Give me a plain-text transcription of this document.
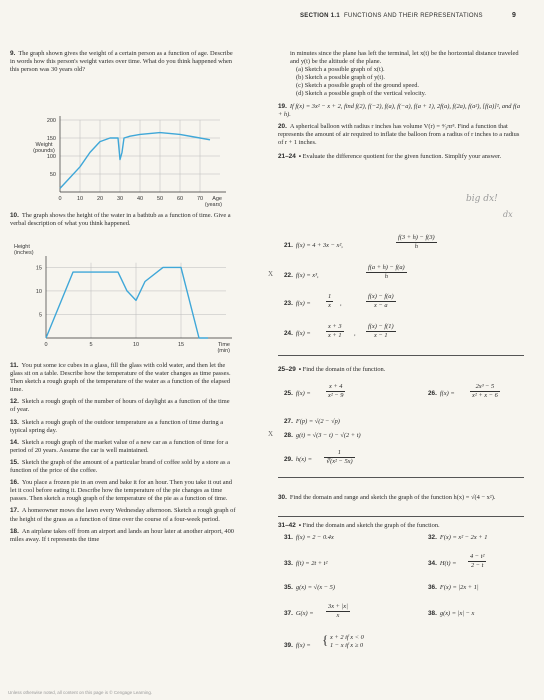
SECTION 1.1 FUNCTIONS AND THEIR REPRESENTATIONS	9

9. The graph shown gives the weight of a certain person as a function of age. Describe in words how this person's weight varies over time. What do you think happened when this person was 30 years old?

200
150
100
50
0	10	20	30	40	50	60	70
Weight
(pounds)
Age
(years)

10. The graph shows the height of the water in a bathtub as a function of time. Give a verbal description of what you think happened.

15
10
5
0	5	10	15
Height
(inches)
Time
(min)

11. You put some ice cubes in a glass, fill the glass with cold water, and then let the glass sit on a table. Describe how the temperature of the water changes as time passes. Then sketch a rough graph of the temperature of the water as a function of the elapsed time.

12. Sketch a rough graph of the number of hours of daylight as a function of the time of year.

13. Sketch a rough graph of the outdoor temperature as a function of time during a typical spring day.

14. Sketch a rough graph of the market value of a new car as a function of time for a period of 20 years. Assume the car is well maintained.

15. Sketch the graph of the amount of a particular brand of coffee sold by a store as a function of the price of the coffee.

16. You place a frozen pie in an oven and bake it for an hour. Then you take it out and let it cool before eating it. Describe how the temperature of the pie changes as time passes. Then sketch a rough graph of the temperature of the pie as a function of time.

17. A homeowner mows the lawn every Wednesday afternoon. Sketch a rough graph of the height of the grass as a function of time over the course of a four-week period.

18. An airplane takes off from an airport and lands an hour later at another airport, 400 miles away. If t represents the time

in minutes since the plane has left the terminal, let x(t) be the horizontal distance traveled and y(t) be the altitude of the plane.

(a) Sketch a possible graph of x(t).

(b) Sketch a possible graph of y(t).

(c) Sketch a possible graph of the ground speed.

(d) Sketch a possible graph of the vertical velocity.

19. If f(x) = 3x² − x + 2, find f(2), f(−2), f(a), f(−a), f(a + 1), 2f(a), f(2a), f(a²), [f(a)]², and f(a + h).

20. A spherical balloon with radius r inches has volume V(r) = ⁴⁄₃πr³. Find a function that represents the amount of air required to inflate the balloon from a radius of r inches to a radius of r + 1 inches.

21–24 ▪ Evaluate the difference quotient for the given function. Simplify your answer.

big dx!
dx
21. f(x) = 4 + 3x − x²,	$\frac{f(3 + h) - f(3)}{h}$
X 22. f(x) = x³,	$\frac{f(a + h) - f(a)}{h}$
23. $f(x) = \frac{1}{x}$ ,	$\frac{f(x) - f(a)}{x - a}$
24. $f(x) = \frac{x + 3}{x + 1}$ , $\frac{f(x) - f(1)}{x - 1}$

25–29 ▪ Find the domain of the function.

25. $f(x) = \frac{x + 4}{\text{x² − 9}}$	26. $f(x) = \frac{\text{2x³ − 5}}{\text{x² + x − 6}}$
27. F(p) = √(2 − √p)
X 28. g(t) = √(3 − t) − √(2 + t)
29. $h(x) = \frac{1}{\text{∜(x² − 5x)}}$

30. Find the domain and range and sketch the graph of the function h(x) = √(4 − x²).

31–42 ▪ Find the domain and sketch the graph of the function.

31. f(x) = 2 − 0.4x	32. F(x) = x² − 2x + 1
33. f(t) = 2t + t²	34. $H(t) = \frac{\text{4 − t²}}{2 - t}$
35. g(x) = √(x − 5)	36. F(x) = |2x + 1|
37. $G(x) = \frac{3x + |x|}{x}$	38. g(x) = |x| − x
39. f(x) = { x + 2 if x < 0
1 − x if x ≥ 0
Unless otherwise noted, all content on this page is © Cengage Learning.
